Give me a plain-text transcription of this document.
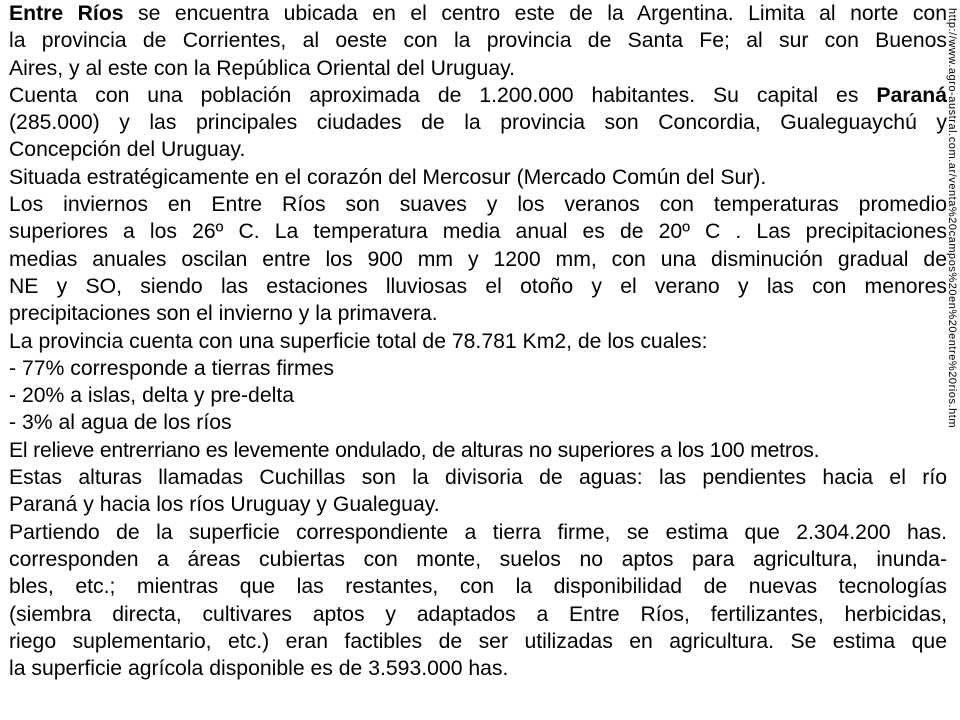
Entre Ríos se encuentra ubicada en el centro este de la Argentina. Limita al norte con
la provincia de Corrientes, al oeste con la provincia de Santa Fe; al sur con Buenos
Aires, y al este con la República Oriental del Uruguay.
Cuenta con una población aproximada de 1.200.000 habitantes. Su capital es Paraná
(285.000) y las principales ciudades de la provincia son Concordia, Gualeguaychú y
Concepción del Uruguay.
Situada estratégicamente en el corazón del Mercosur (Mercado Común del Sur).
Los inviernos en Entre Ríos son suaves y los veranos con temperaturas promedio
superiores a los 26º C. La temperatura media anual es de 20º C . Las precipitaciones
medias anuales oscilan entre los 900 mm y 1200 mm, con una disminución gradual de
NE y SO, siendo las estaciones lluviosas el otoño y el verano y las con menores
precipitaciones son el invierno y la primavera.
La provincia cuenta con una superficie total de 78.781 Km2, de los cuales:
- 77% corresponde a tierras firmes
- 20% a islas, delta y pre-delta
- 3% al agua de los ríos
El relieve entrerriano es levemente ondulado, de alturas no superiores a los 100 metros.
Estas alturas llamadas Cuchillas son la divisoria de aguas: las pendientes hacia el río
Paraná y hacia los ríos Uruguay y Gualeguay.
Partiendo de la superficie correspondiente a tierra firme, se estima que 2.304.200 has.
corresponden a áreas cubiertas con monte, suelos no aptos para agricultura, inunda-
bles, etc.; mientras que las restantes, con la disponibilidad de nuevas tecnologías
(siembra directa, cultivares aptos y adaptados a Entre Ríos, fertilizantes, herbicidas,
riego suplementario, etc.) eran factibles de ser utilizadas en agricultura. Se estima que
la superficie agrícola disponible es de 3.593.000 has.
http://www.agro-austral.com.ar/venta%20campos%20en%20entre%20rios.htm
